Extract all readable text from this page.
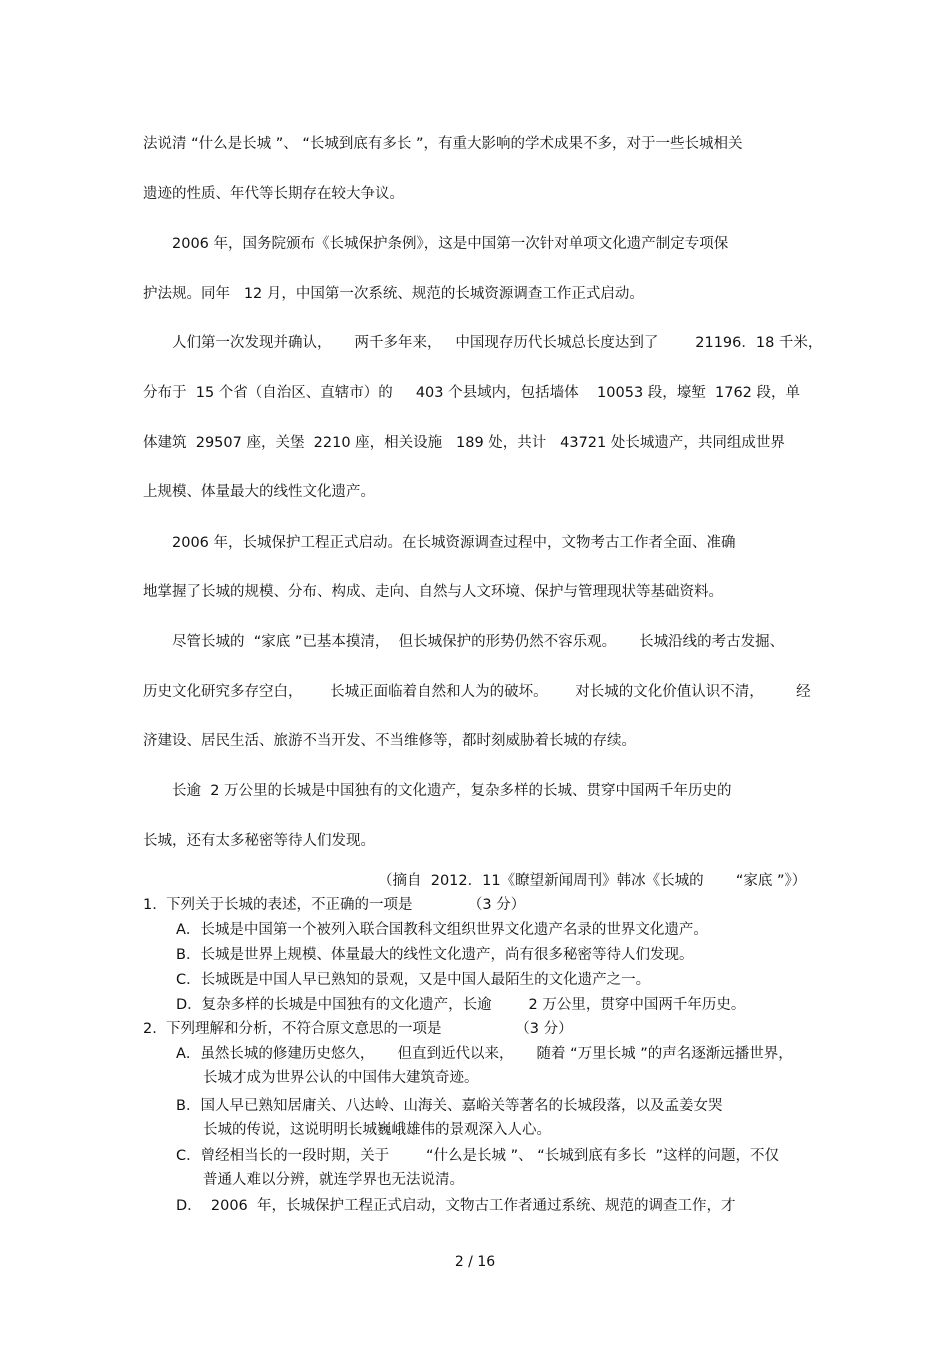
法说清 “什么是长城 ”、 “长城到底有多长 ”，有重大影响的学术成果不多，对于一些长城相关
遗迹的性质、年代等长期存在较大争议。
2006 年，国务院颁布《长城保护条例》，这是中国第一次针对单项文化遗产制定专项保
护法规。同年   12 月，中国第一次系统、规范的长城资源调查工作正式启动。
人们第一次发现并确认，     两千多年来，   中国现存历代长城总长度达到了        21196．18 千米，
分布于  15 个省（自治区、直辖市）的     403 个县域内，包括墙体    10053 段，壕堑  1762 段，单
体建筑  29507 座，关堡  2210 座，相关设施   189 处，共计   43721 处长城遗产，共同组成世界
上规模、体量最大的线性文化遗产。
2006 年，长城保护工程正式启动。在长城资源调查过程中，文物考古工作者全面、准确
地掌握了长城的规模、分布、构成、走向、自然与人文环境、保护与管理现状等基础资料。
尽管长城的  “家底 ”已基本摸清，  但长城保护的形势仍然不容乐观。     长城沿线的考古发掘、
历史文化研究多存空白，      长城正面临着自然和人为的破坏。      对长城的文化价值认识不清，       经
济建设、居民生活、旅游不当开发、不当维修等，都时刻威胁着长城的存续。
长逾  2 万公里的长城是中国独有的文化遗产，复杂多样的长城、贯穿中国两千年历史的
长城，还有太多秘密等待人们发现。
（摘自  2012．11《瞭望新闻周刊》韩冰《长城的       “家底 ”》）
1.  下列关于长城的表述，不正确的一项是            （3 分）
A．长城是中国第一个被列入联合国教科文组织世界文化遗产名录的世界文化遗产。
B．长城是世界上规模、体量最大的线性文化遗产，尚有很多秘密等待人们发现。
C．长城既是中国人早已熟知的景观，又是中国人最陌生的文化遗产之一。
D．复杂多样的长城是中国独有的文化遗产，长逾        2 万公里，贯穿中国两千年历史。
2.  下列理解和分析，不符合原文意思的一项是                （3 分）
A．虽然长城的修建历史悠久，     但直到近代以来，     随着 “万里长城 ”的声名逐渐远播世界，
长城才成为世界公认的中国伟大建筑奇迹。
B．国人早已熟知居庸关、八达岭、山海关、嘉峪关等著名的长城段落，以及孟姜女哭
长城的传说，这说明明长城巍峨雄伟的景观深入人心。
C．曾经相当长的一段时期，关于        “什么是长城 ”、 “长城到底有多长  ”这样的问题，不仅
普通人难以分辨，就连学界也无法说清。
D．  2006  年，长城保护工程正式启动，文物古工作者通过系统、规范的调查工作，才
2 / 16
